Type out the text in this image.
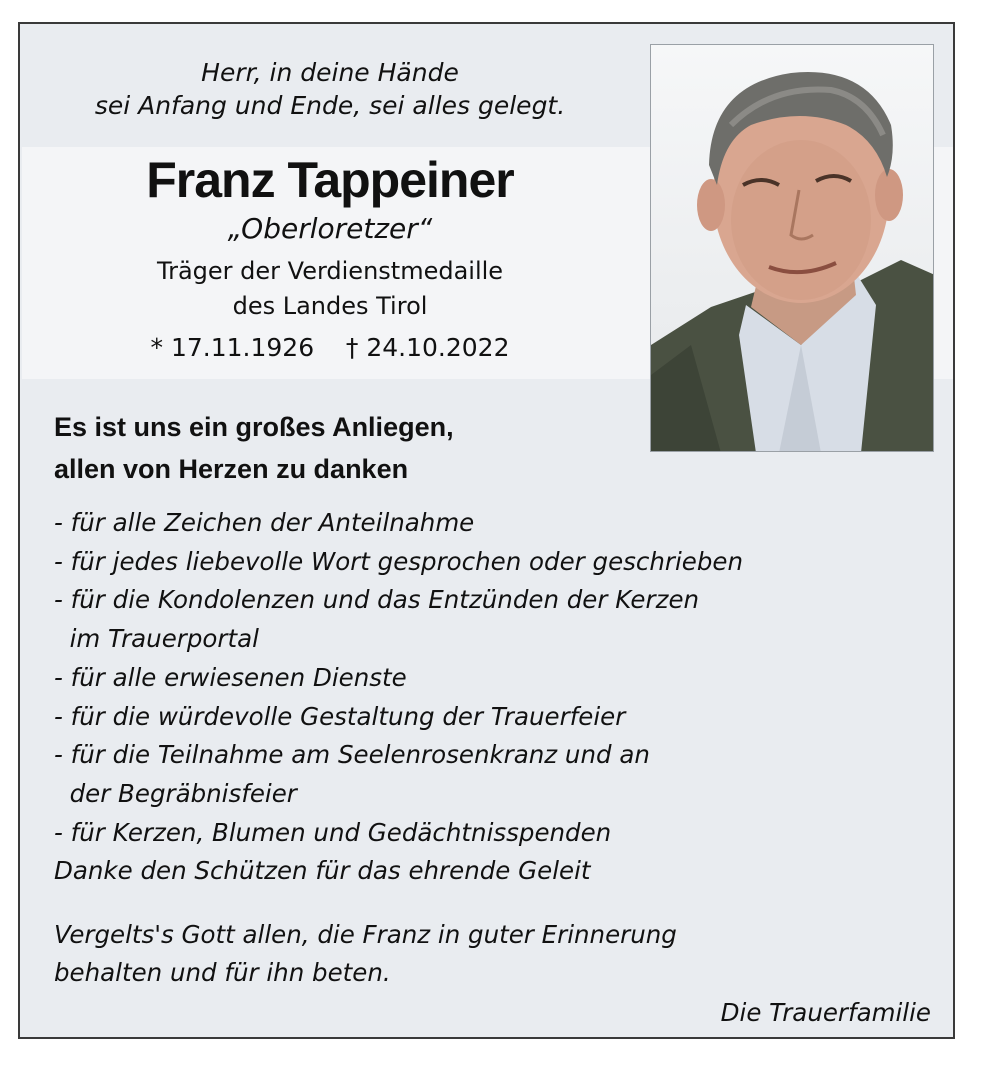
Herr, in deine Hände
sei Anfang und Ende, sei alles gelegt.
Franz Tappeiner
„Oberloretzer“
Träger der Verdienstmedaille
des Landes Tirol
* 17.11.1926    † 24.10.2022
Es ist uns ein großes Anliegen,
allen von Herzen zu danken
- für alle Zeichen der Anteilnahme
- für jedes liebevolle Wort gesprochen oder geschrieben
- für die Kondolenzen und das Entzünden der Kerzen
im Trauerportal
- für alle erwiesenen Dienste
- für die würdevolle Gestaltung der Trauerfeier
- für die Teilnahme am Seelenrosenkranz und an
der Begräbnisfeier
- für Kerzen, Blumen und Gedächtnisspenden
Danke den Schützen für das ehrende Geleit
Vergelts's Gott allen, die Franz in guter Erinnerung
behalten und für ihn beten.
Die Trauerfamilie
